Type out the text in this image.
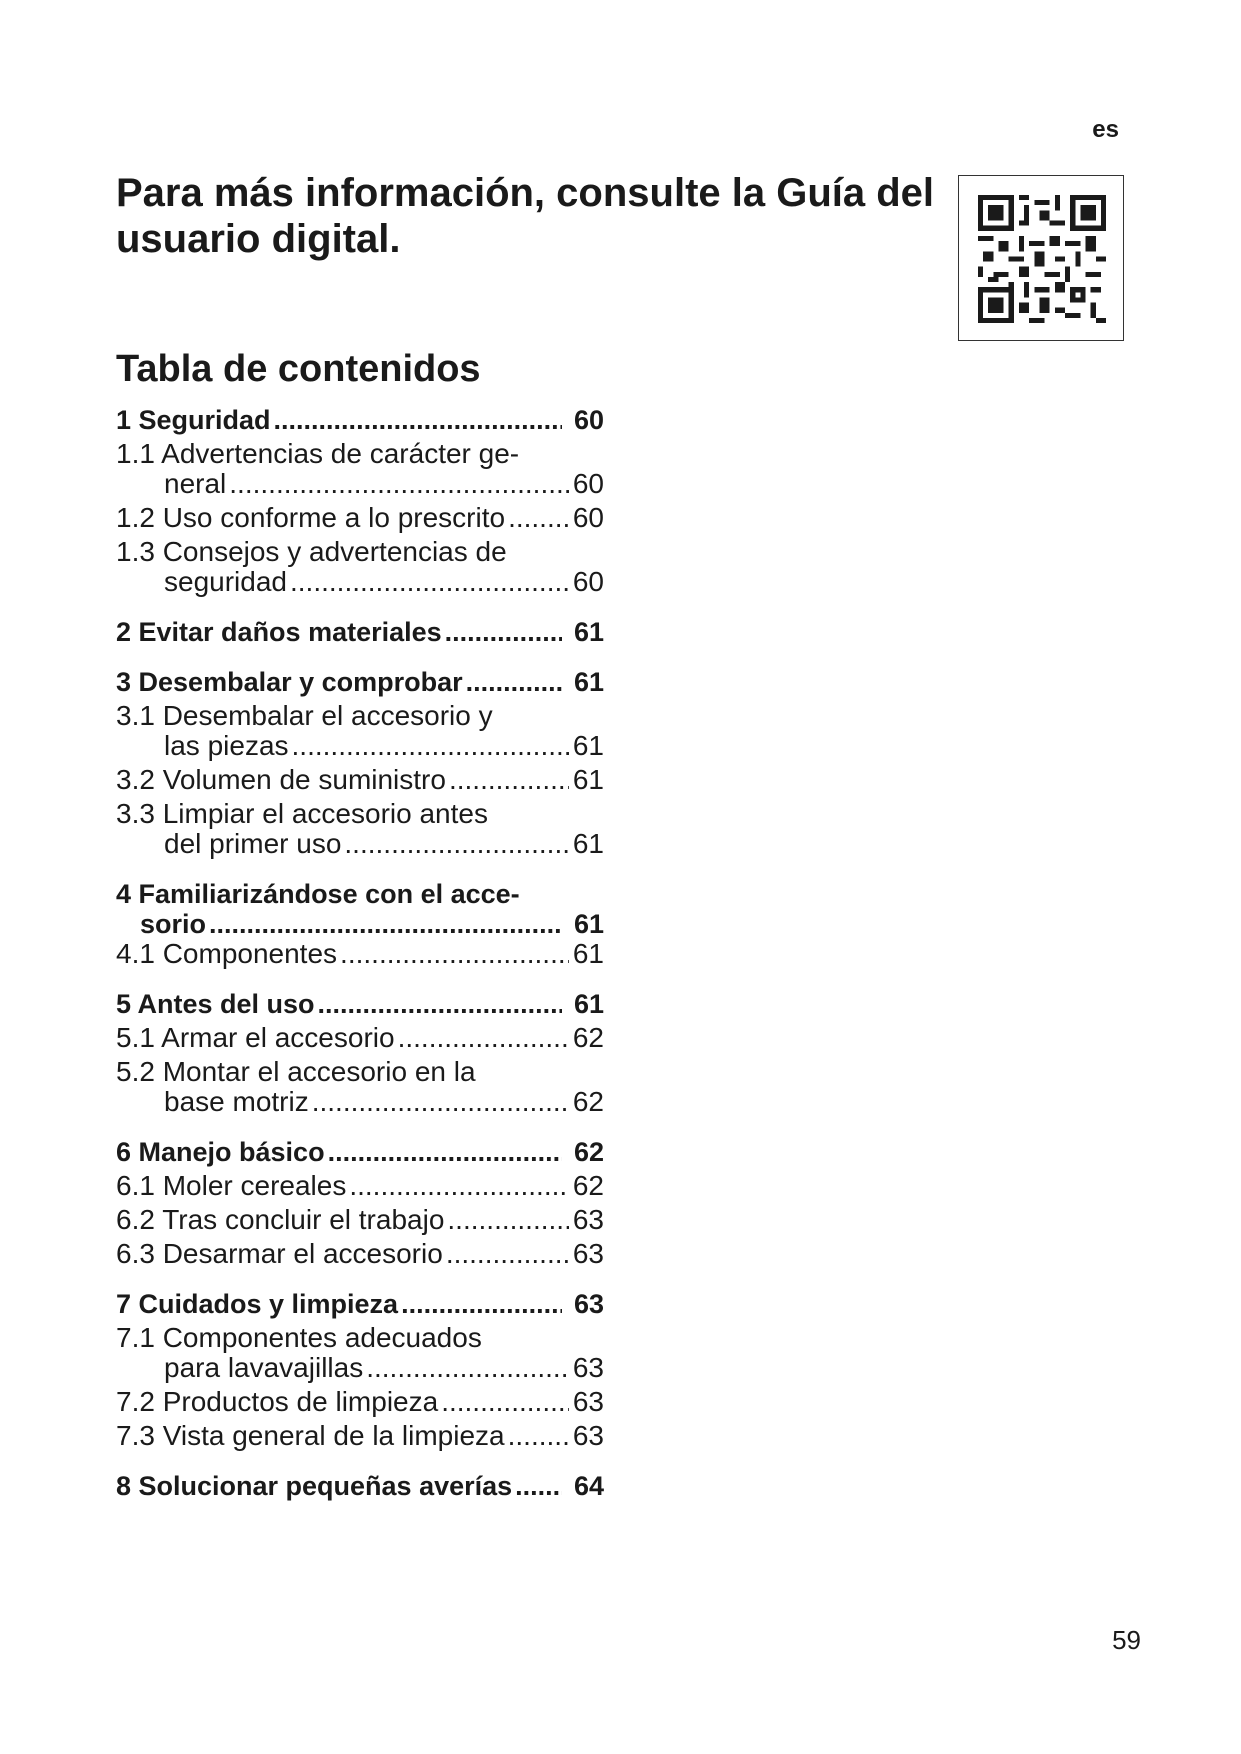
es
Para más información, consulte la Guía del usuario digital.
Tabla de contenidos
1 Seguridad .....	60
1.1 Advertencias de carácter ge-
neral .....	60
1.2 Uso conforme a lo prescrito ..... 60
1.3 Consejos y advertencias de
seguridad .....	60
2 Evitar daños materiales .....	61
3 Desembalar y comprobar .....	61
3.1 Desembalar el accesorio y
las piezas .....	61
3.2 Volumen de suministro .....	61
3.3 Limpiar el accesorio antes
del primer uso .....	61
4 Familiarizándose con el acce-
sorio .....	61
4.1 Componentes .....	61
5 Antes del uso .....	61
5.1 Armar el accesorio .....	62
5.2 Montar el accesorio en la
base motriz .....	62
6 Manejo básico .....	62
6.1 Moler cereales .....	62
6.2 Tras concluir el trabajo .....	63
6.3 Desarmar el accesorio .....	63
7 Cuidados y limpieza .....	63
7.1 Componentes adecuados
para lavavajillas .....	63
7.2 Productos de limpieza .....	63
7.3 Vista general de la limpieza ..... 63
8 Solucionar pequeñas averías ..... 64
59
